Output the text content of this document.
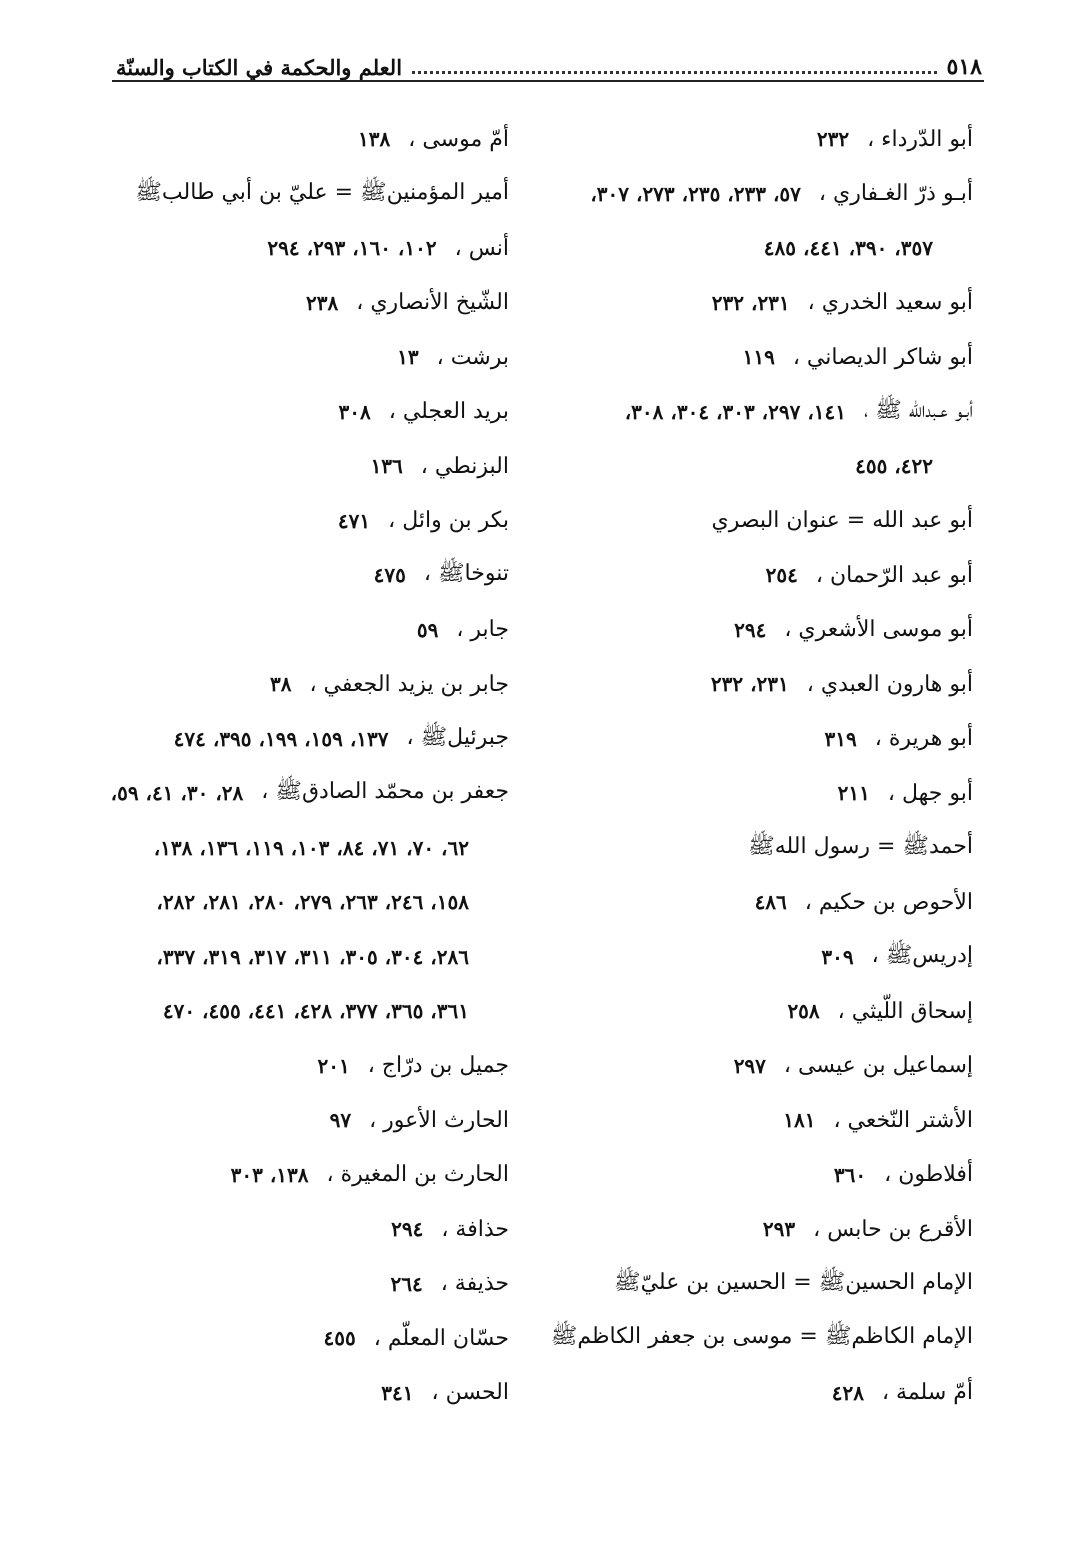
٥١٨
العلم والحكمة في الكتاب والسنّة
أبو الدّرداء ،
٢٣٢
أبـو ذرّ الغـفاري ،
٥٧، ٢٣٣، ٢٣٥، ٢٧٣، ٣٠٧،
٣٥٧، ٣٩٠، ٤٤١، ٤٨٥
أبو سعيد الخدري ،
٢٣١، ٢٣٢
أبو شاكر الديصاني ،
١١٩
أبـو عـبدالله ﷺ ،
١٤١، ٢٩٧، ٣٠٣، ٣٠٤، ٣٠٨،
٤٢٢، ٤٥٥
أبو عبد الله = عنوان البصري
أبو عبد الرّحمان ،
٢٥٤
أبو موسى الأشعري ،
٢٩٤
أبو هارون العبدي ،
٢٣١، ٢٣٢
أبو هريرة ،
٣١٩
أبو جهل ،
٢١١
أحمدﷺ = رسول اللهﷺ
الأحوص بن حكيم ،
٤٨٦
إدريسﷺ ،
٣٠٩
إسحاق اللّيثي ،
٢٥٨
إسماعيل بن عيسى ،
٢٩٧
الأشتر النّخعي ،
١٨١
أفلاطون ،
٣٦٠
الأقرع بن حابس ،
٢٩٣
الإمام الحسينﷺ = الحسين بن عليّﷺ
الإمام الكاظمﷺ = موسى بن جعفر الكاظمﷺ
أمّ سلمة ،
٤٢٨
أمّ موسى ،
١٣٨
أمير المؤمنينﷺ = عليّ بن أبي طالبﷺ
أنس ،
١٠٢، ١٦٠، ٢٩٣، ٢٩٤
الشّيخ الأنصاري ،
٢٣٨
برشت ،
١٣
بريد العجلي ،
٣٠٨
البزنطي ،
١٣٦
بكر بن وائل ،
٤٧١
تنوخاﷺ ،
٤٧٥
جابر ،
٥٩
جابر بن يزيد الجعفي ،
٣٨
جبرئيلﷺ ،
١٣٧، ١٥٩، ١٩٩، ٣٩٥، ٤٧٤
جعفر بن محمّد الصادقﷺ ،
٢٨، ٣٠، ٤١، ٥٩،
٦٢، ٧٠، ٧١، ٨٤، ١٠٣، ١١٩، ١٣٦، ١٣٨،
١٥٨، ٢٤٦، ٢٦٣، ٢٧٩، ٢٨٠، ٢٨١، ٢٨٢،
٢٨٦، ٣٠٤، ٣٠٥، ٣١١، ٣١٧، ٣١٩، ٣٣٧،
٣٦١، ٣٦٥، ٣٧٧، ٤٢٨، ٤٤١، ٤٥٥، ٤٧٠
جميل بن درّاج ،
٢٠١
الحارث الأعور ،
٩٧
الحارث بن المغيرة ،
١٣٨، ٣٠٣
حذافة ،
٢٩٤
حذيفة ،
٢٦٤
حسّان المعلّم ،
٤٥٥
الحسن ،
٣٤١
